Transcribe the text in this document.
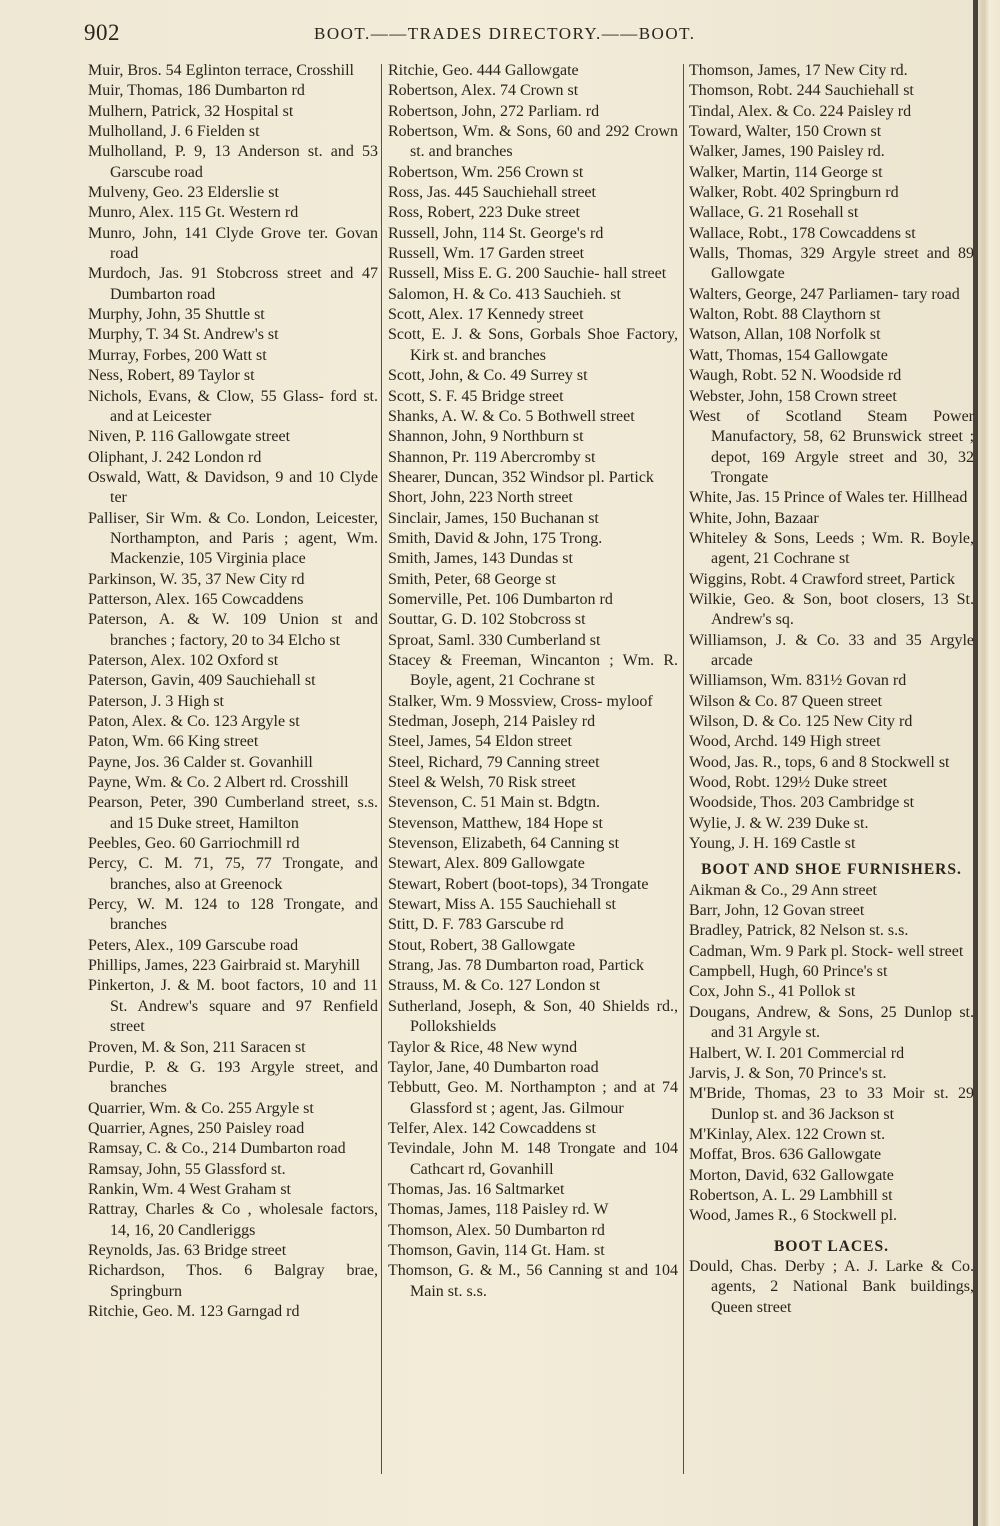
902	BOOT.——TRADES DIRECTORY.——BOOT.
Muir, Bros. 54 Eglinton terrace, Crosshill
Muir, Thomas, 186 Dumbarton rd
Mulhern, Patrick, 32 Hospital st
Mulholland, J. 6 Fielden st
Mulholland, P. 9, 13 Anderson st. and 53 Garscube road
Mulveny, Geo. 23 Elderslie st
Munro, Alex. 115 Gt. Western rd
Munro, John, 141 Clyde Grove ter. Govan road
Murdoch, Jas. 91 Stobcross street and 47 Dumbarton road
Murphy, John, 35 Shuttle st
Murphy, T. 34 St. Andrew's st
Murray, Forbes, 200 Watt st
Ness, Robert, 89 Taylor st
Nichols, Evans, & Clow, 55 Glass- ford st. and at Leicester
Niven, P. 116 Gallowgate street
Oliphant, J. 242 London rd
Oswald, Watt, & Davidson, 9 and 10 Clyde ter
Palliser, Sir Wm. & Co. London, Leicester, Northampton, and Paris ; agent, Wm. Mackenzie, 105 Virginia place
Parkinson, W. 35, 37 New City rd
Patterson, Alex. 165 Cowcaddens
Paterson, A. & W. 109 Union st and branches ; factory, 20 to 34 Elcho st
Paterson, Alex. 102 Oxford st
Paterson, Gavin, 409 Sauchiehall st
Paterson, J. 3 High st
Paton, Alex. & Co. 123 Argyle st
Paton, Wm. 66 King street
Payne, Jos. 36 Calder st. Govanhill
Payne, Wm. & Co. 2 Albert rd. Crosshill
Pearson, Peter, 390 Cumberland street, s.s. and 15 Duke street, Hamilton
Peebles, Geo. 60 Garriochmill rd
Percy, C. M. 71, 75, 77 Trongate, and branches, also at Greenock
Percy, W. M. 124 to 128 Trongate, and branches
Peters, Alex., 109 Garscube road
Phillips, James, 223 Gairbraid st. Maryhill
Pinkerton, J. & M. boot factors, 10 and 11 St. Andrew's square and 97 Renfield street
Proven, M. & Son, 211 Saracen st
Purdie, P. & G. 193 Argyle street, and branches
Quarrier, Wm. & Co. 255 Argyle st
Quarrier, Agnes, 250 Paisley road
Ramsay, C. & Co., 214 Dumbarton road
Ramsay, John, 55 Glassford st.
Rankin, Wm. 4 West Graham st
Rattray, Charles & Co , wholesale factors, 14, 16, 20 Candleriggs
Reynolds, Jas. 63 Bridge street
Richardson, Thos. 6 Balgray brae, Springburn
Ritchie, Geo. M. 123 Garngad rd
Ritchie, Geo. 444 Gallowgate
Robertson, Alex. 74 Crown st
Robertson, John, 272 Parliam. rd
Robertson, Wm. & Sons, 60 and 292 Crown st. and branches
Robertson, Wm. 256 Crown st
Ross, Jas. 445 Sauchiehall street
Ross, Robert, 223 Duke street
Russell, John, 114 St. George's rd
Russell, Wm. 17 Garden street
Russell, Miss E. G. 200 Sauchie- hall street
Salomon, H. & Co. 413 Sauchieh. st
Scott, Alex. 17 Kennedy street
Scott, E. J. & Sons, Gorbals Shoe Factory, Kirk st. and branches
Scott, John, & Co. 49 Surrey st
Scott, S. F. 45 Bridge street
Shanks, A. W. & Co. 5 Bothwell street
Shannon, John, 9 Northburn st
Shannon, Pr. 119 Abercromby st
Shearer, Duncan, 352 Windsor pl. Partick
Short, John, 223 North street
Sinclair, James, 150 Buchanan st
Smith, David & John, 175 Trong.
Smith, James, 143 Dundas st
Smith, Peter, 68 George st
Somerville, Pet. 106 Dumbarton rd
Souttar, G. D. 102 Stobcross st
Sproat, Saml. 330 Cumberland st
Stacey & Freeman, Wincanton ; Wm. R. Boyle, agent, 21 Cochrane st
Stalker, Wm. 9 Mossview, Cross- myloof
Stedman, Joseph, 214 Paisley rd
Steel, James, 54 Eldon street
Steel, Richard, 79 Canning street
Steel & Welsh, 70 Risk street
Stevenson, C. 51 Main st. Bdgtn.
Stevenson, Matthew, 184 Hope st
Stevenson, Elizabeth, 64 Canning st
Stewart, Alex. 809 Gallowgate
Stewart, Robert (boot-tops), 34 Trongate
Stewart, Miss A. 155 Sauchiehall st
Stitt, D. F. 783 Garscube rd
Stout, Robert, 38 Gallowgate
Strang, Jas. 78 Dumbarton road, Partick
Strauss, M. & Co. 127 London st
Sutherland, Joseph, & Son, 40 Shields rd., Pollokshields
Taylor & Rice, 48 New wynd
Taylor, Jane, 40 Dumbarton road
Tebbutt, Geo. M. Northampton ; and at 74 Glassford st ; agent, Jas. Gilmour
Telfer, Alex. 142 Cowcaddens st
Tevindale, John M. 148 Trongate and 104 Cathcart rd, Govanhill
Thomas, Jas. 16 Saltmarket
Thomas, James, 118 Paisley rd. W
Thomson, Alex. 50 Dumbarton rd
Thomson, Gavin, 114 Gt. Ham. st
Thomson, G. & M., 56 Canning st and 104 Main st. s.s.
Thomson, James, 17 New City rd.
Thomson, Robt. 244 Sauchiehall st
Tindal, Alex. & Co. 224 Paisley rd
Toward, Walter, 150 Crown st
Walker, James, 190 Paisley rd.
Walker, Martin, 114 George st
Walker, Robt. 402 Springburn rd
Wallace, G. 21 Rosehall st
Wallace, Robt., 178 Cowcaddens st
Walls, Thomas, 329 Argyle street and 89 Gallowgate
Walters, George, 247 Parliamen- tary road
Walton, Robt. 88 Claythorn st
Watson, Allan, 108 Norfolk st
Watt, Thomas, 154 Gallowgate
Waugh, Robt. 52 N. Woodside rd
Webster, John, 158 Crown street
West of Scotland Steam Power Manufactory, 58, 62 Brunswick street ; depot, 169 Argyle street and 30, 32 Trongate
White, Jas. 15 Prince of Wales ter. Hillhead
White, John, Bazaar
Whiteley & Sons, Leeds ; Wm. R. Boyle, agent, 21 Cochrane st
Wiggins, Robt. 4 Crawford street, Partick
Wilkie, Geo. & Son, boot closers, 13 St. Andrew's sq.
Williamson, J. & Co. 33 and 35 Argyle arcade
Williamson, Wm. 831½ Govan rd
Wilson & Co. 87 Queen street
Wilson, D. & Co. 125 New City rd
Wood, Archd. 149 High street
Wood, Jas. R., tops, 6 and 8 Stockwell st
Wood, Robt. 129½ Duke street
Woodside, Thos. 203 Cambridge st
Wylie, J. & W. 239 Duke st.
Young, J. H. 169 Castle st
BOOT AND SHOE FURNISHERS.
Aikman & Co., 29 Ann street
Barr, John, 12 Govan street
Bradley, Patrick, 82 Nelson st. s.s.
Cadman, Wm. 9 Park pl. Stock- well street
Campbell, Hugh, 60 Prince's st
Cox, John S., 41 Pollok st
Dougans, Andrew, & Sons, 25 Dunlop st. and 31 Argyle st.
Halbert, W. I. 201 Commercial rd
Jarvis, J. & Son, 70 Prince's st.
M'Bride, Thomas, 23 to 33 Moir st. 29 Dunlop st. and 36 Jackson st
M'Kinlay, Alex. 122 Crown st.
Moffat, Bros. 636 Gallowgate
Morton, David, 632 Gallowgate
Robertson, A. L. 29 Lambhill st
Wood, James R., 6 Stockwell pl.
BOOT LACES.
Dould, Chas. Derby ; A. J. Larke & Co. agents, 2 National Bank buildings, Queen street
